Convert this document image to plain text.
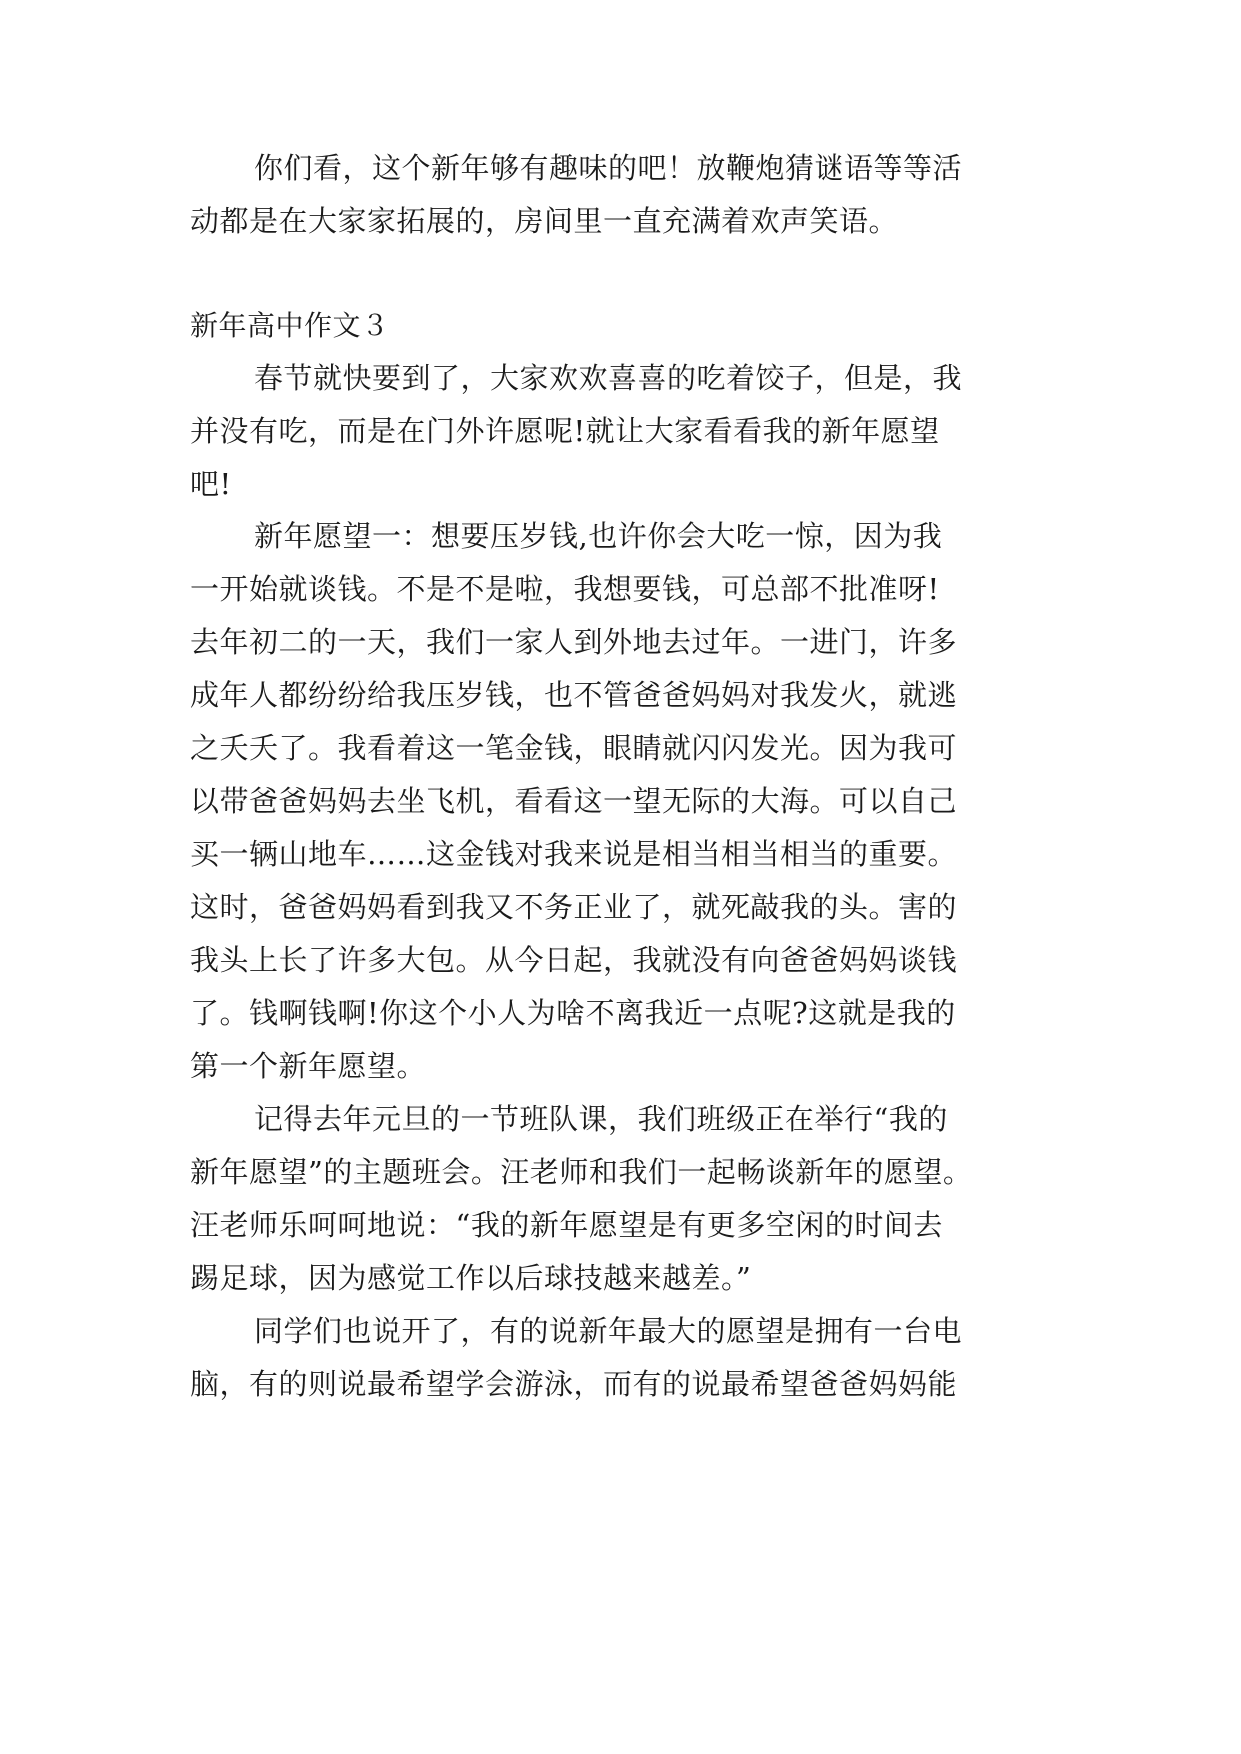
你们看，这个新年够有趣味的吧！放鞭炮猜谜语等等活
动都是在大家家拓展的，房间里一直充满着欢声笑语。
新年高中作文３
春节就快要到了，大家欢欢喜喜的吃着饺子，但是，我
并没有吃，而是在门外许愿呢!就让大家看看我的新年愿望
吧!
新年愿望一：想要压岁钱,也许你会大吃一惊，因为我
一开始就谈钱。不是不是啦，我想要钱，可总部不批准呀!
去年初二的一天，我们一家人到外地去过年。一进门，许多
成年人都纷纷给我压岁钱，也不管爸爸妈妈对我发火，就逃
之夭夭了。我看着这一笔金钱，眼睛就闪闪发光。因为我可
以带爸爸妈妈去坐飞机，看看这一望无际的大海。可以自己
买一辆山地车……这金钱对我来说是相当相当相当的重要。
这时，爸爸妈妈看到我又不务正业了，就死敲我的头。害的
我头上长了许多大包。从今日起，我就没有向爸爸妈妈谈钱
了。钱啊钱啊!你这个小人为啥不离我近一点呢?这就是我的
第一个新年愿望。
记得去年元旦的一节班队课，我们班级正在举行“我的
新年愿望”的主题班会。汪老师和我们一起畅谈新年的愿望。
汪老师乐呵呵地说：“我的新年愿望是有更多空闲的时间去
踢足球，因为感觉工作以后球技越来越差。”
同学们也说开了，有的说新年最大的愿望是拥有一台电
脑，有的则说最希望学会游泳，而有的说最希望爸爸妈妈能
